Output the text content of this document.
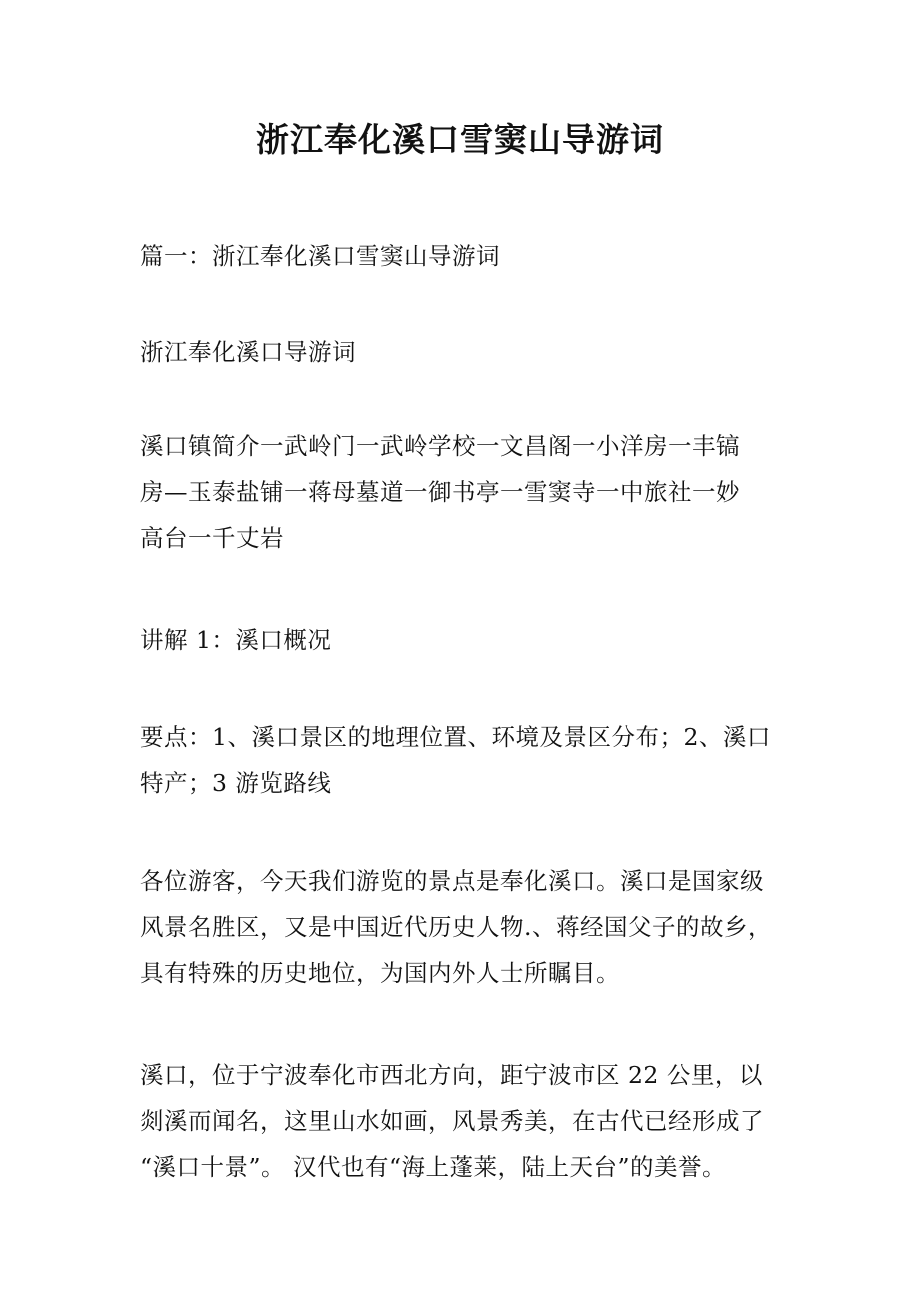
浙江奉化溪口雪窦山导游词

篇一：浙江奉化溪口雪窦山导游词

浙江奉化溪口导游词

溪口镇简介一武岭门一武岭学校一文昌阁一小洋房一丰镐
房—玉泰盐铺一蒋母墓道一御书亭一雪窦寺一中旅社一妙
高台一千丈岩

讲解 1：溪口概况

要点：1、溪口景区的地理位置、环境及景区分布；2、溪口
特产；3 游览路线

各位游客，今天我们游览的景点是奉化溪口。溪口是国家级
风景名胜区，又是中国近代历史人物.、蒋经国父子的故乡，
具有特殊的历史地位，为国内外人士所瞩目。

溪口，位于宁波奉化市西北方向，距宁波市区 22 公里，以
剡溪而闻名，这里山水如画，风景秀美，在古代已经形成了
“溪口十景”。 汉代也有“海上蓬莱，陆上天台”的美誉。
